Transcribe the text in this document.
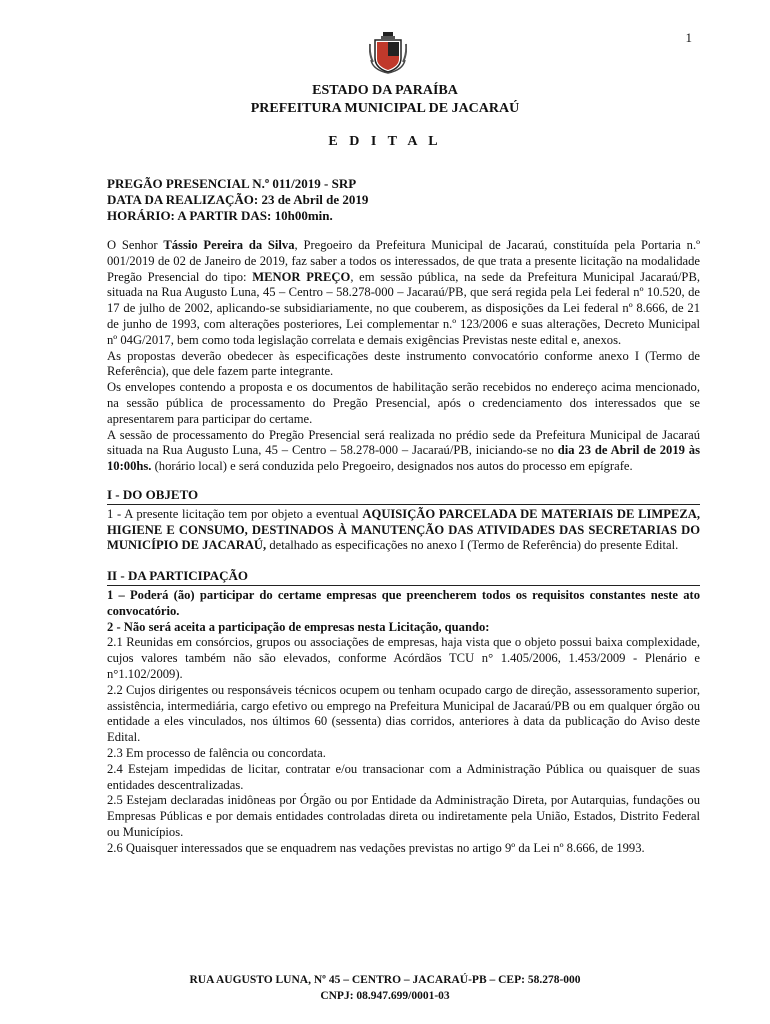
1
ESTADO DA PARAÍBA
PREFEITURA MUNICIPAL DE JACARAÚ
E D I T A L
PREGÃO PRESENCIAL N.º 011/2019 - SRP
DATA DA REALIZAÇÃO: 23 de Abril de 2019
HORÁRIO: A PARTIR DAS: 10h00min.

O Senhor Tássio Pereira da Silva, Pregoeiro da Prefeitura Municipal de Jacaraú, constituída pela Portaria n.º 001/2019 de 02 de Janeiro de 2019, faz saber a todos os interessados, de que trata a presente licitação na modalidade Pregão Presencial do tipo: MENOR PREÇO, em sessão pública, na sede da Prefeitura Municipal Jacaraú/PB, situada na Rua Augusto Luna, 45 – Centro – 58.278-000 – Jacaraú/PB, que será regida pela Lei federal nº 10.520, de 17 de julho de 2002, aplicando-se subsidiariamente, no que couberem, as disposições da Lei federal nº 8.666, de 21 de junho de 1993, com alterações posteriores, Lei complementar n.º 123/2006 e suas alterações, Decreto Municipal nº 04G/2017, bem como toda legislação correlata e demais exigências Previstas neste edital e, anexos.

As propostas deverão obedecer às especificações deste instrumento convocatório conforme anexo I (Termo de Referência), que dele fazem parte integrante.

Os envelopes contendo a proposta e os documentos de habilitação serão recebidos no endereço acima mencionado, na sessão pública de processamento do Pregão Presencial, após o credenciamento dos interessados que se apresentarem para participar do certame.

A sessão de processamento do Pregão Presencial será realizada no prédio sede da Prefeitura Municipal de Jacaraú situada na Rua Augusto Luna, 45 – Centro – 58.278-000 – Jacaraú/PB, iniciando-se no dia 23 de Abril de 2019 às 10:00hs. (horário local) e será conduzida pelo Pregoeiro, designados nos autos do processo em epígrafe.

I - DO OBJETO

1 - A presente licitação tem por objeto a eventual AQUISIÇÃO PARCELADA DE MATERIAIS DE LIMPEZA, HIGIENE E CONSUMO, DESTINADOS À MANUTENÇÃO DAS ATIVIDADES DAS SECRETARIAS DO MUNICÍPIO DE JACARAÚ, detalhado as especificações no anexo I (Termo de Referência) do presente Edital.

II - DA PARTICIPAÇÃO

1 – Poderá (ão) participar do certame empresas que preencherem todos os requisitos constantes neste ato convocatório.

2 - Não será aceita a participação de empresas nesta Licitação, quando:

2.1 Reunidas em consórcios, grupos ou associações de empresas, haja vista que o objeto possui baixa complexidade, cujos valores também não são elevados, conforme Acórdãos TCU n° 1.405/2006, 1.453/2009 - Plenário e n°1.102/2009).

2.2 Cujos dirigentes ou responsáveis técnicos ocupem ou tenham ocupado cargo de direção, assessoramento superior, assistência, intermediária, cargo efetivo ou emprego na Prefeitura Municipal de Jacaraú/PB ou em qualquer órgão ou entidade a eles vinculados, nos últimos 60 (sessenta) dias corridos, anteriores à data da publicação do Aviso deste Edital.

2.3 Em processo de falência ou concordata.

2.4 Estejam impedidas de licitar, contratar e/ou transacionar com a Administração Pública ou quaisquer de suas entidades descentralizadas.

2.5 Estejam declaradas inidôneas por Órgão ou por Entidade da Administração Direta, por Autarquias, fundações ou Empresas Públicas e por demais entidades controladas direta ou indiretamente pela União, Estados, Distrito Federal ou Municípios.

2.6 Quaisquer interessados que se enquadrem nas vedações previstas no artigo 9º da Lei nº 8.666, de 1993.

RUA AUGUSTO LUNA, Nº 45 – CENTRO – JACARAÚ-PB – CEP: 58.278-000
CNPJ: 08.947.699/0001-03
